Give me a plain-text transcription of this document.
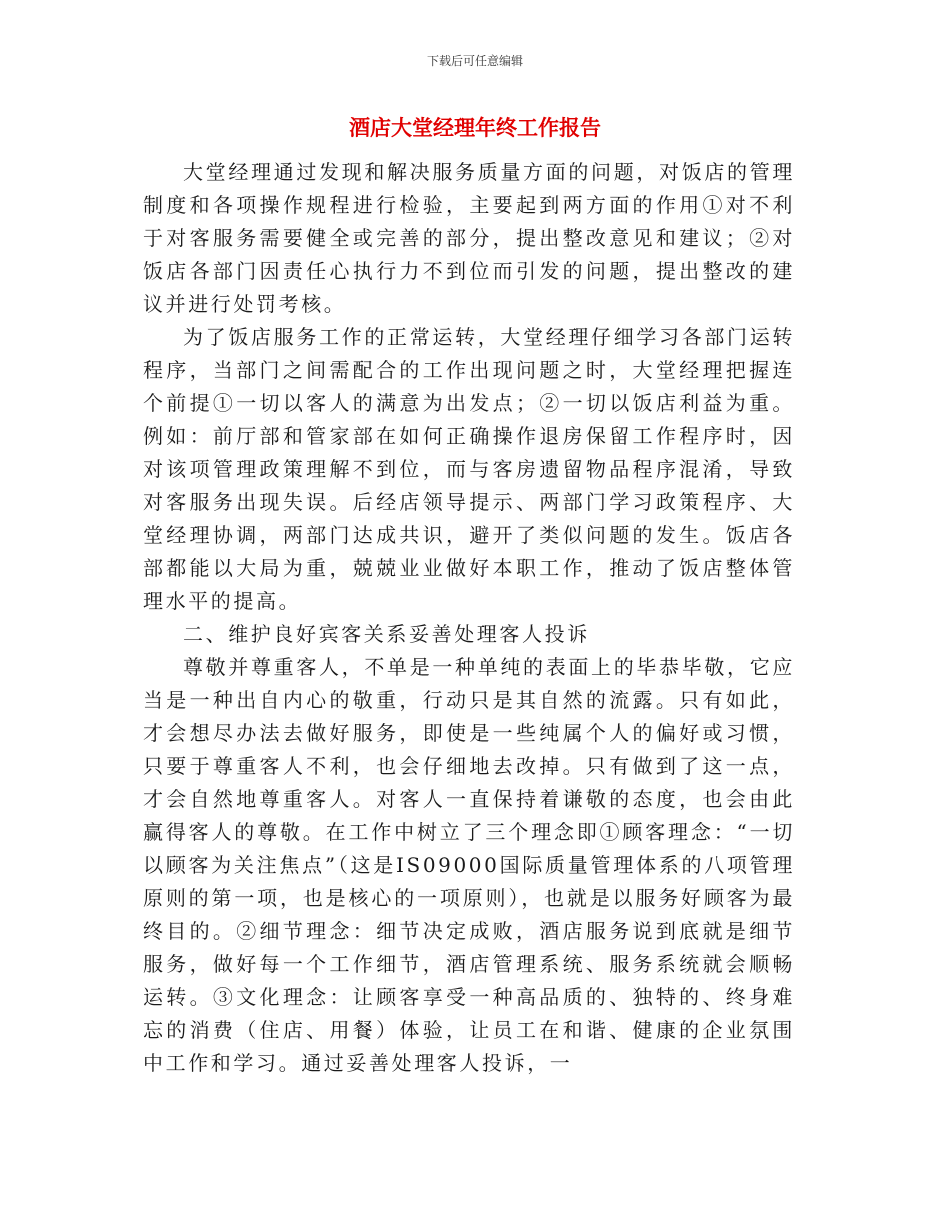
下载后可任意编辑
酒店大堂经理年终工作报告

大堂经理通过发现和解决服务质量方面的问题，对饭店的管理制度和各项操作规程进行检验，主要起到两方面的作用①对不利于对客服务需要健全或完善的部分，提出整改意见和建议；②对饭店各部门因责任心执行力不到位而引发的问题，提出整改的建议并进行处罚考核。

为了饭店服务工作的正常运转，大堂经理仔细学习各部门运转程序，当部门之间需配合的工作出现问题之时，大堂经理把握连个前提①一切以客人的满意为出发点；②一切以饭店利益为重。例如：前厅部和管家部在如何正确操作退房保留工作程序时，因对该项管理政策理解不到位，而与客房遗留物品程序混淆，导致对客服务出现失误。后经店领导提示、两部门学习政策程序、大堂经理协调，两部门达成共识，避开了类似问题的发生。饭店各部都能以大局为重，兢兢业业做好本职工作，推动了饭店整体管理水平的提高。

二、维护良好宾客关系妥善处理客人投诉

尊敬并尊重客人，不单是一种单纯的表面上的毕恭毕敬，它应当是一种出自内心的敬重，行动只是其自然的流露。只有如此，才会想尽办法去做好服务，即使是一些纯属个人的偏好或习惯，只要于尊重客人不利，也会仔细地去改掉。只有做到了这一点，才会自然地尊重客人。对客人一直保持着谦敬的态度，也会由此赢得客人的尊敬。在工作中树立了三个理念即①顾客理念：“一切以顾客为关注焦点”（这是IS09000国际质量管理体系的八项管理原则的第一项，也是核心的一项原则），也就是以服务好顾客为最终目的。②细节理念：细节决定成败，酒店服务说到底就是细节服务，做好每一个工作细节，酒店管理系统、服务系统就会顺畅运转。③文化理念：让顾客享受一种高品质的、独特的、终身难忘的消费（住店、用餐）体验，让员工在和谐、健康的企业氛围中工作和学习。通过妥善处理客人投诉，一
